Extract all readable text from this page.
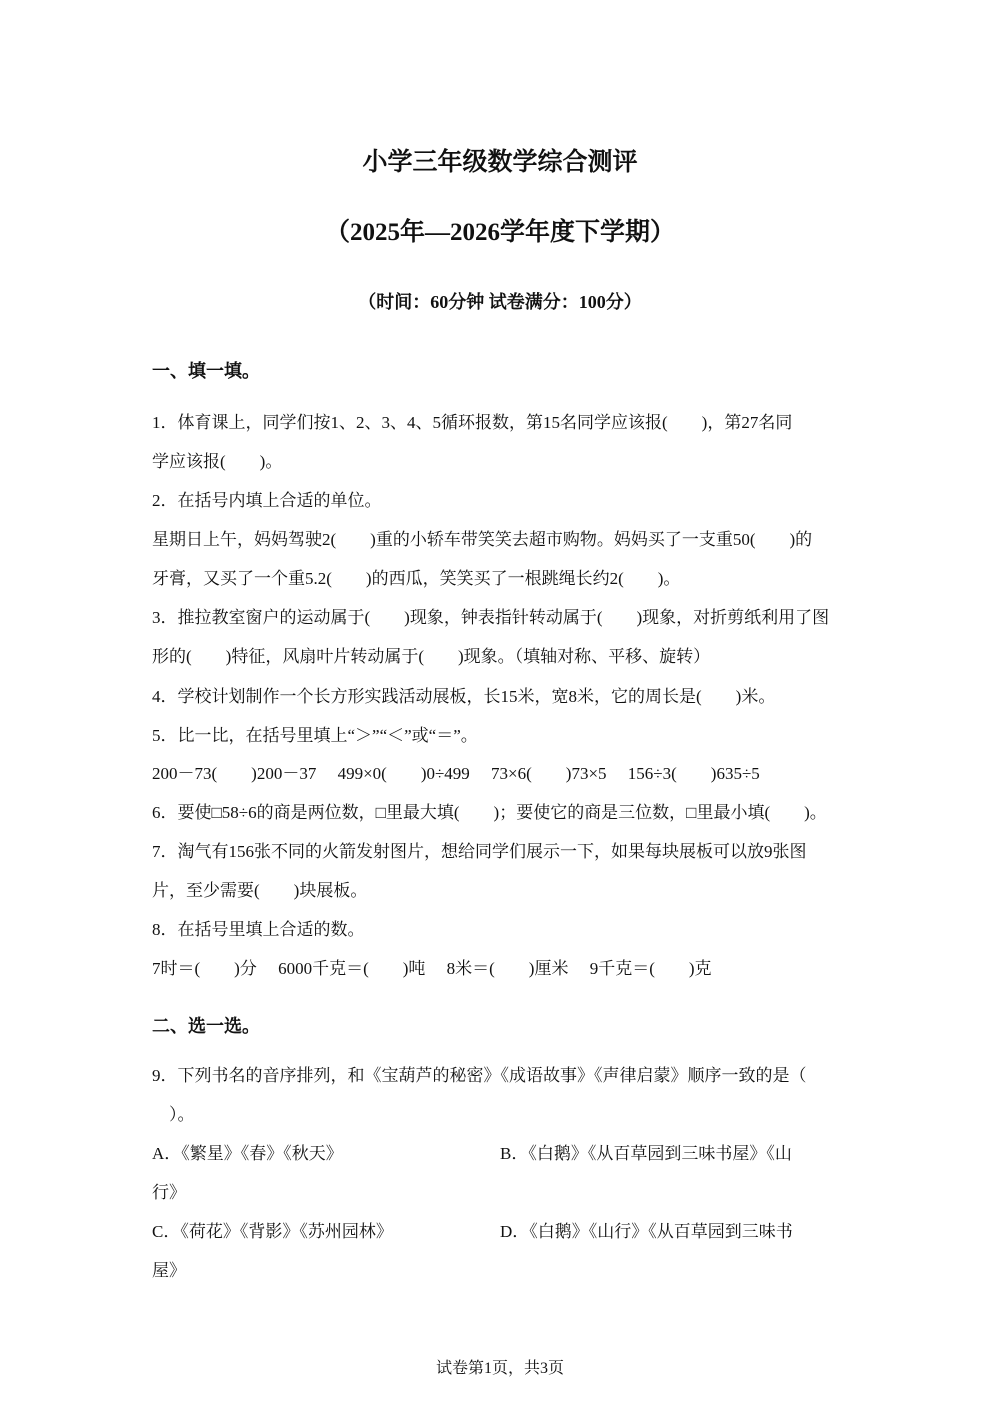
小学三年级数学综合测评
（2025年—2026学年度下学期）
（时间：60分钟 试卷满分：100分）
一、填一填。
1．体育课上，同学们按1、2、3、4、5循环报数，第15名同学应该报(　　)，第27名同
学应该报(　　)。
2．在括号内填上合适的单位。
星期日上午，妈妈驾驶2(　　)重的小轿车带笑笑去超市购物。妈妈买了一支重50(　　)的
牙膏，又买了一个重5.2(　　)的西瓜，笑笑买了一根跳绳长约2(　　)。
3．推拉教室窗户的运动属于(　　)现象，钟表指针转动属于(　　)现象，对折剪纸利用了图
形的(　　)特征，风扇叶片转动属于(　　)现象。（填轴对称、平移、旋转）
4．学校计划制作一个长方形实践活动展板，长15米，宽8米，它的周长是(　　)米。
5．比一比，在括号里填上“＞”“＜”或“＝”。
200－73(　　)200－37　 499×0(　　)0÷499　 73×6(　　)73×5　 156÷3(　　)635÷5
6．要使□58÷6的商是两位数，□里最大填(　　)；要使它的商是三位数，□里最小填(　　)。
7．淘气有156张不同的火箭发射图片，想给同学们展示一下，如果每块展板可以放9张图
片，至少需要(　　)块展板。
8．在括号里填上合适的数。
7时＝(　　)分　 6000千克＝(　　)吨　 8米＝(　　)厘米　 9千克＝(　　)克
二、选一选。
9．下列书名的音序排列，和《宝葫芦的秘密》《成语故事》《声律启蒙》顺序一致的是（
　）。
A．《繁星》《春》《秋天》	B．《白鹅》《从百草园到三味书屋》《山
行》
C．《荷花》《背影》《苏州园林》	D．《白鹅》《山行》《从百草园到三味书
屋》
试卷第1页，共3页
